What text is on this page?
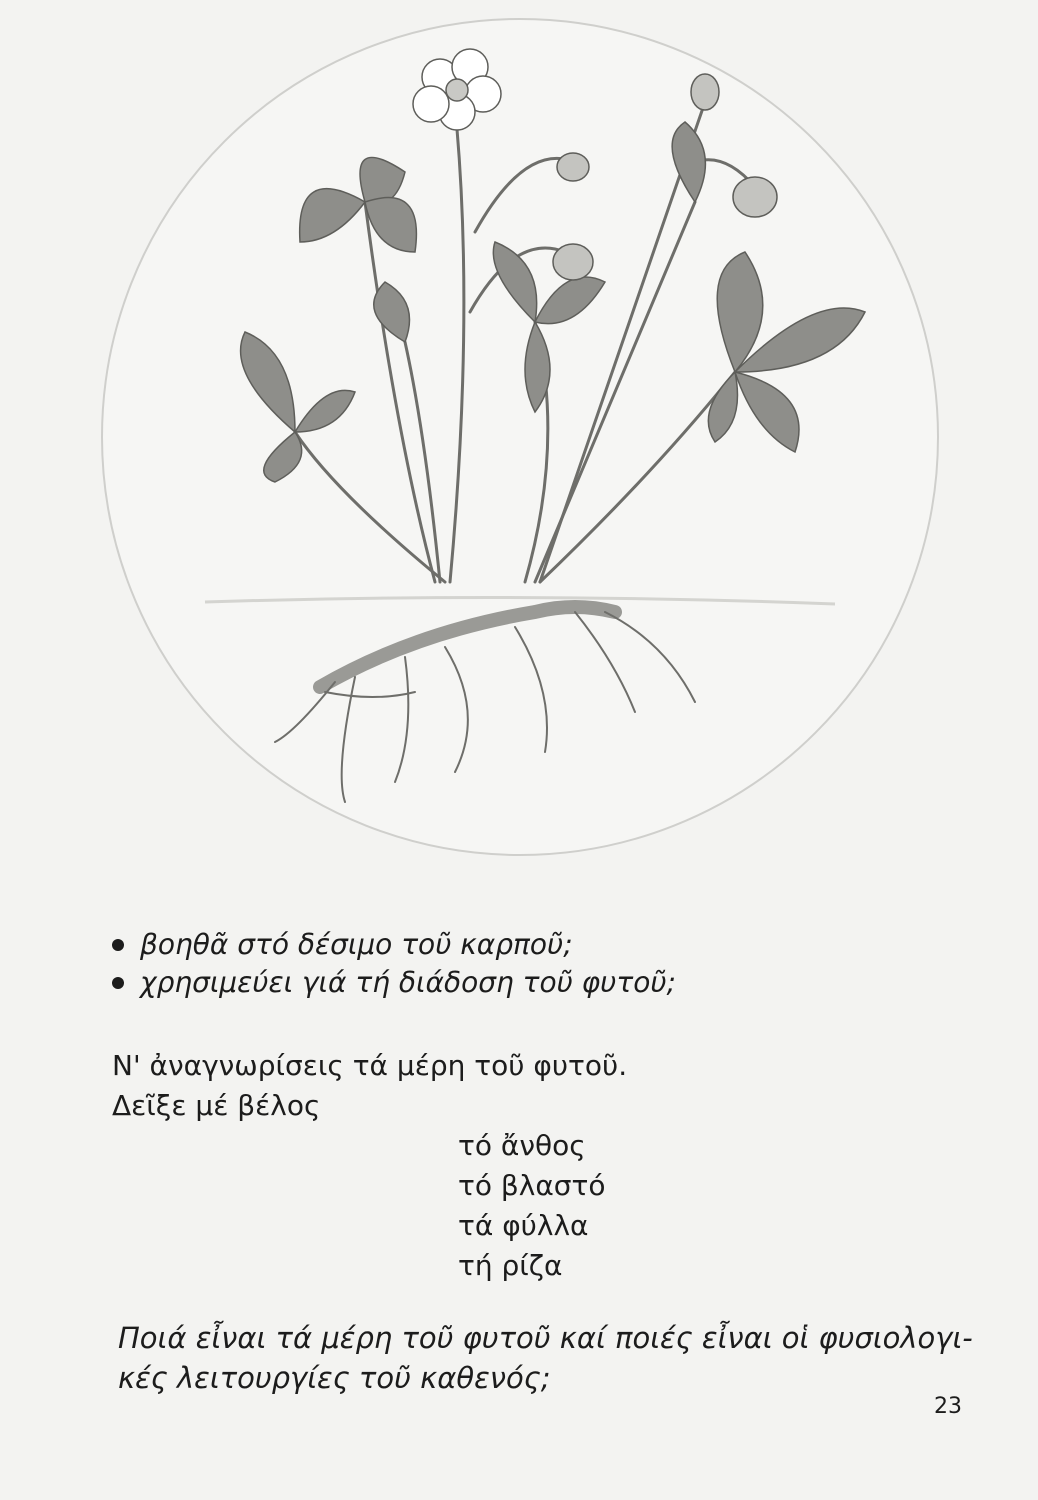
βοηθᾶ στό δέσιμο τοῦ καρποῦ;
χρησιμεύει γιά τή διάδοση τοῦ φυτοῦ;
Ν' ἀναγνωρίσεις τά μέρη τοῦ φυτοῦ.
Δεῖξε μέ βέλος
τό ἄνθος
τό βλαστό
τά φύλλα
τή ρίζα
Ποιά εἶναι τά μέρη τοῦ φυτοῦ καί ποιές εἶναι οἱ φυσιολογι-
κές λειτουργίες τοῦ καθενός;
23
